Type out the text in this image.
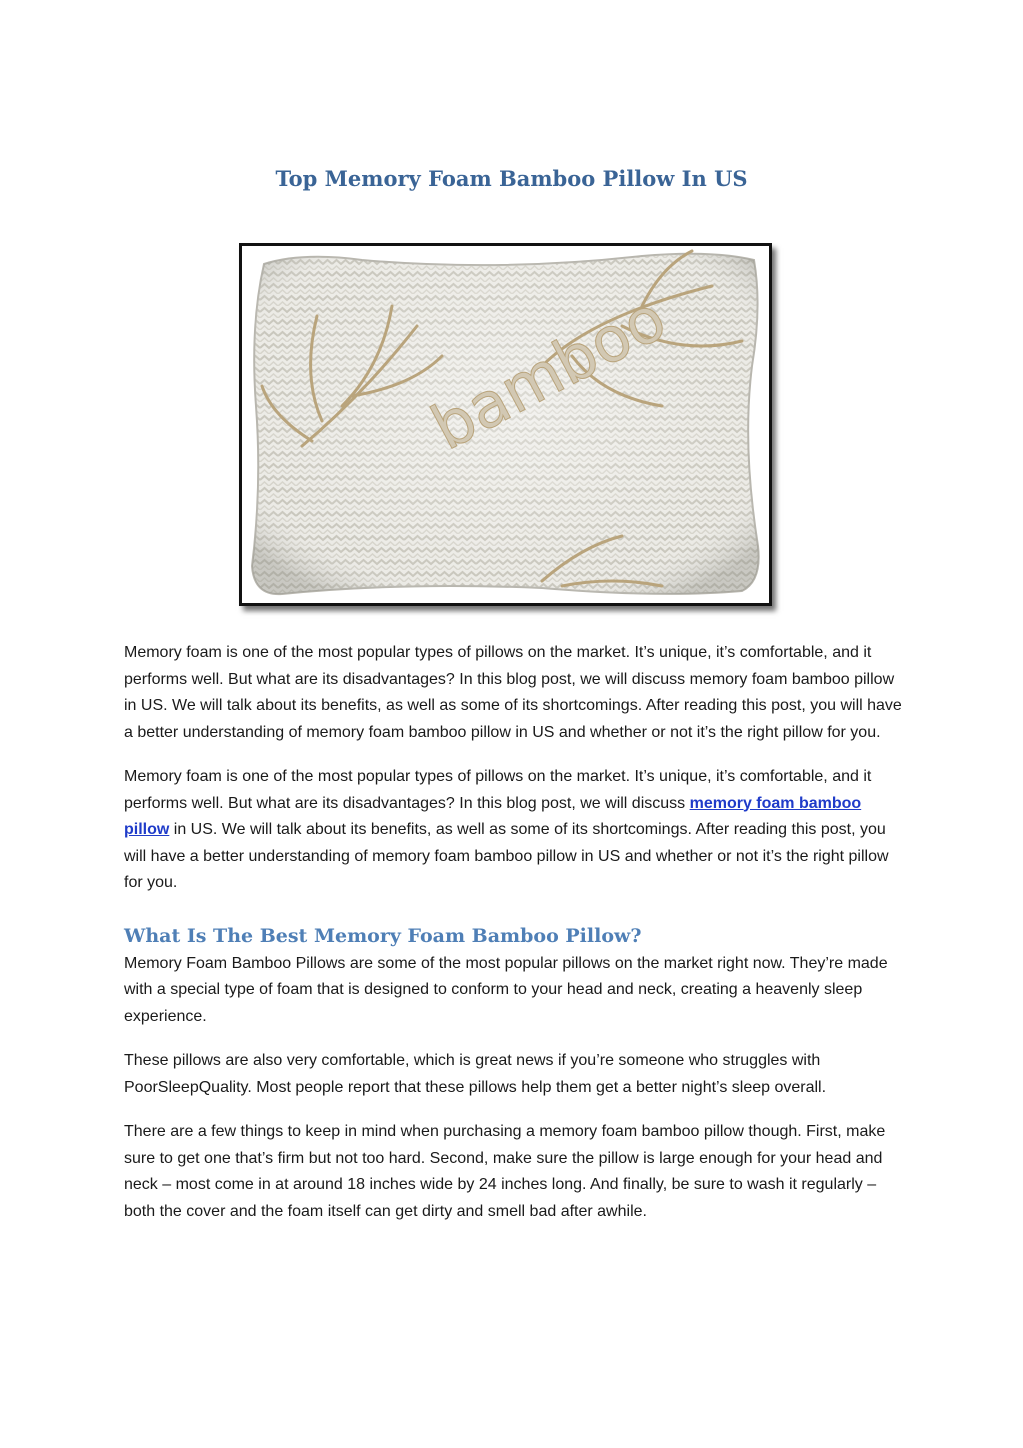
Top Memory Foam Bamboo Pillow In US
bamboo

Memory foam is one of the most popular types of pillows on the market. It’s unique, it’s comfortable, and it performs well. But what are its disadvantages? In this blog post, we will discuss memory foam bamboo pillow in US. We will talk about its benefits, as well as some of its shortcomings. After reading this post, you will have a better understanding of memory foam bamboo pillow in US and whether or not it’s the right pillow for you.

Memory foam is one of the most popular types of pillows on the market. It’s unique, it’s comfortable, and it performs well. But what are its disadvantages? In this blog post, we will discuss memory foam bamboo pillow in US. We will talk about its benefits, as well as some of its shortcomings. After reading this post, you will have a better understanding of memory foam bamboo pillow in US and whether or not it’s the right pillow for you.

What Is The Best Memory Foam Bamboo Pillow?

Memory Foam Bamboo Pillows are some of the most popular pillows on the market right now. They’re made with a special type of foam that is designed to conform to your head and neck, creating a heavenly sleep experience.

These pillows are also very comfortable, which is great news if you’re someone who struggles with PoorSleepQuality. Most people report that these pillows help them get a better night’s sleep overall.

There are a few things to keep in mind when purchasing a memory foam bamboo pillow though. First, make sure to get one that’s firm but not too hard. Second, make sure the pillow is large enough for your head and neck – most come in at around 18 inches wide by 24 inches long. And finally, be sure to wash it regularly – both the cover and the foam itself can get dirty and smell bad after awhile.
